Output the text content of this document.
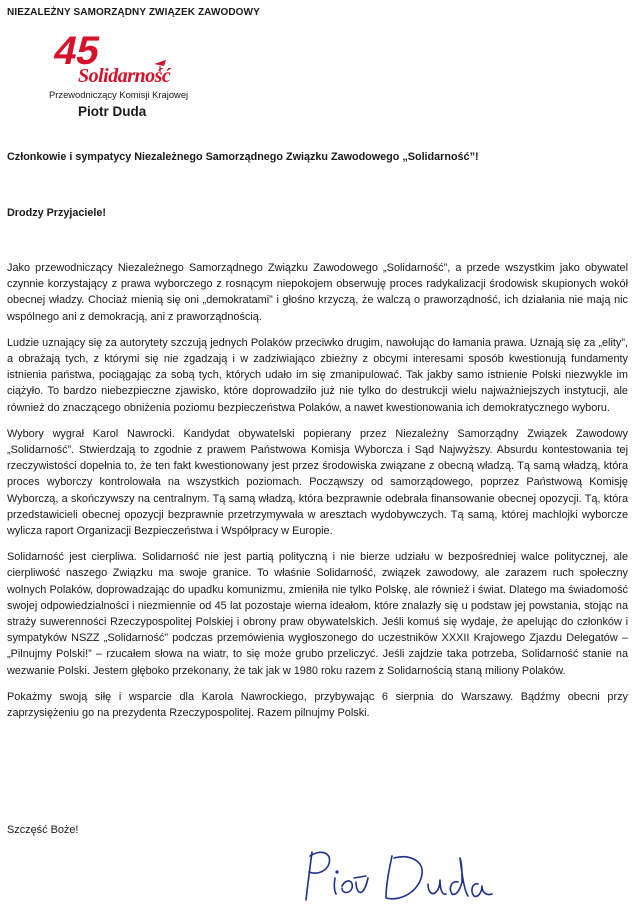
NIEZALEŻNY SAMORZĄDNY ZWIĄZEK ZAWODOWY
45
Solidarność
Przewodniczący Komisji Krajowej
Piotr Duda
Członkowie i sympatycy Niezależnego Samorządnego Związku Zawodowego „Solidarność”!
Drodzy Przyjaciele!

Jako przewodniczący Niezależnego Samorządnego Związku Zawodowego „Solidarność”, a przede wszystkim jako obywatel czynnie korzystający z prawa wyborczego z rosnącym niepokojem obserwuję proces radykalizacji środowisk skupionych wokół obecnej władzy. Chociaż mienią się oni „demokratami” i głośno krzyczą, że walczą o praworządność, ich działania nie mają nic wspólnego ani z demokracją, ani z praworządnością.

Ludzie uznający się za autorytety szczują jednych Polaków przeciwko drugim, nawołując do łamania prawa. Uznają się za „elity”, a obrażają tych, z którymi się nie zgadzają i w zadziwiająco zbieżny z obcymi interesami sposób kwestionują fundamenty istnienia państwa, pociągając za sobą tych, których udało im się zmanipulować. Tak jakby samo istnienie Polski niezwykle im ciążyło. To bardzo niebezpieczne zjawisko, które doprowadziło już nie tylko do destrukcji wielu najważniejszych instytucji, ale również do znaczącego obniżenia poziomu bezpieczeństwa Polaków, a nawet kwestionowania ich demokratycznego wyboru.

Wybory wygrał Karol Nawrocki. Kandydat obywatelski popierany przez Niezależny Samorządny Związek Zawodowy „Solidarność”. Stwierdzają to zgodnie z prawem Państwowa Komisja Wyborcza i Sąd Najwyższy. Absurdu kontestowania tej rzeczywistości dopełnia to, że ten fakt kwestionowany jest przez środowiska związane z obecną władzą. Tą samą władzą, która proces wyborczy kontrolowała na wszystkich poziomach. Począwszy od samorządowego, poprzez Państwową Komisję Wyborczą, a skończywszy na centralnym. Tą samą władzą, która bezprawnie odebrała finansowanie obecnej opozycji. Tą, która przedstawicieli obecnej opozycji bezprawnie przetrzymywała w aresztach wydobywczych. Tą samą, której machlojki wyborcze wylicza raport Organizacji Bezpieczeństwa i Współpracy w Europie.

Solidarność jest cierpliwa. Solidarność nie jest partią polityczną i nie bierze udziału w bezpośredniej walce politycznej, ale cierpliwość naszego Związku ma swoje granice. To właśnie Solidarność, związek zawodowy, ale zarazem ruch społeczny wolnych Polaków, doprowadzając do upadku komunizmu, zmieniła nie tylko Polskę, ale również i świat. Dlatego ma świadomość swojej odpowiedzialności i niezmiennie od 45 lat pozostaje wierna ideałom, które znalazły się u podstaw jej powstania, stojąc na straży suwerenności Rzeczypospolitej Polskiej i obrony praw obywatelskich. Jeśli komuś się wydaje, że apelując do członków i sympatyków NSZZ „Solidarność” podczas przemówienia wygłoszonego do uczestników XXXII Krajowego Zjazdu Delegatów – „Pilnujmy Polski!” – rzucałem słowa na wiatr, to się może grubo przeliczyć. Jeśli zajdzie taka potrzeba, Solidarność stanie na wezwanie Polski. Jestem głęboko przekonany, że tak jak w 1980 roku razem z Solidarnością staną miliony Polaków.

Pokażmy swoją siłę i wsparcie dla Karola Nawrockiego, przybywając 6 sierpnia do Warszawy. Bądźmy obecni przy zaprzysiężeniu go na prezydenta Rzeczypospolitej. Razem pilnujmy Polski.

Szczęść Boże!
